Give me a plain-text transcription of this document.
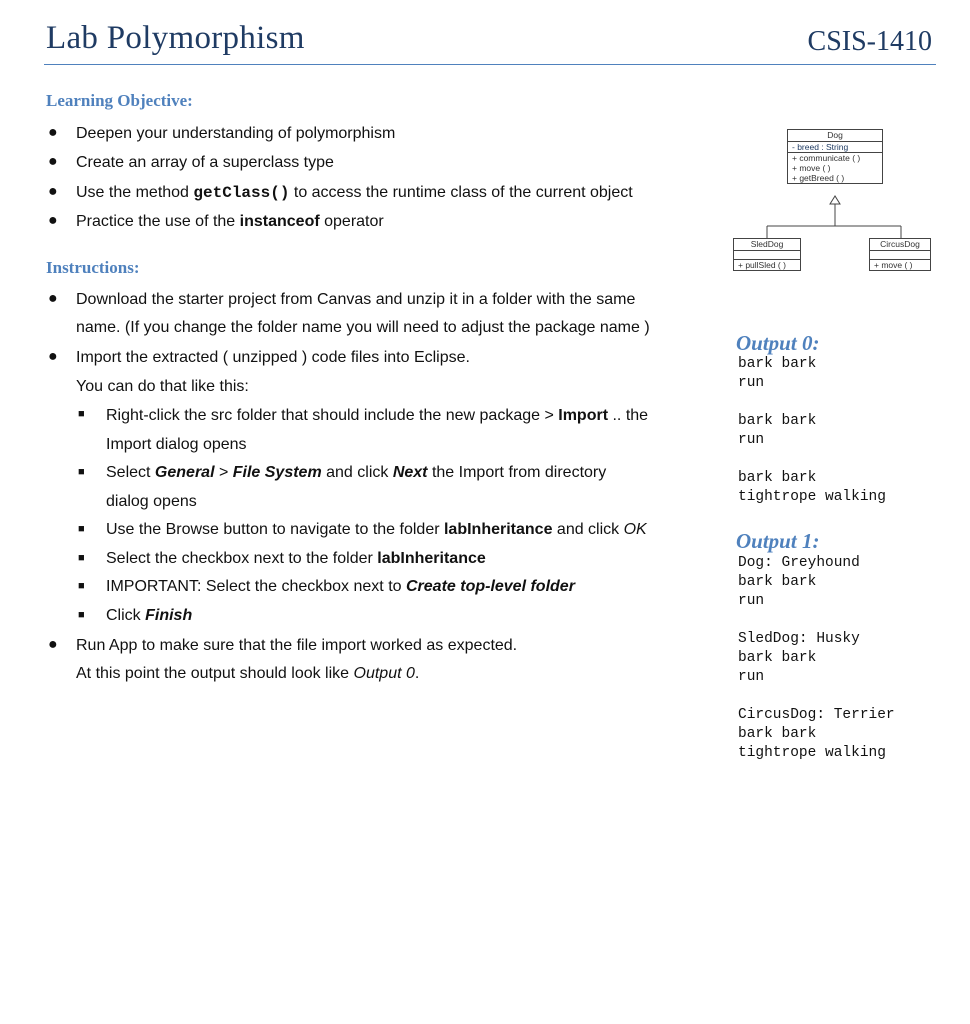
Lab Polymorphism	CSIS-1410
Learning Objective:
● Deepen your understanding of polymorphism
● Create an array of a superclass type
● Use the method getClass() to access the runtime class of the current object
● Practice the use of the instanceof operator
Instructions:
● Download the starter project from Canvas and unzip it in a folder with the same
name. (If you change the folder name you will need to adjust the package name )
● Import the extracted ( unzipped ) code files into Eclipse.
You can do that like this:
■ Right-click the src folder that should include the new package > Import .. the
Import dialog opens
■ Select General > File System and click Next the Import from directory
dialog opens
■ Use the Browse button to navigate to the folder labInheritance and click OK
■ Select the checkbox next to the folder labInheritance
■ IMPORTANT: Select the checkbox next to Create top-level folder
■ Click Finish
● Run App to make sure that the file import worked as expected.
At this point the output should look like Output 0.
Dog
- breed : String
+ communicate ( )
+ move ( )
+ getBreed ( )
SledDog
+ pullSled ( )
CircusDog
+ move ( )
Output 0:
bark bark
run
bark bark
run
bark bark
tightrope walking
Output 1:
Dog: Greyhound
bark bark
run
SledDog: Husky
bark bark
run
CircusDog: Terrier
bark bark
tightrope walking
